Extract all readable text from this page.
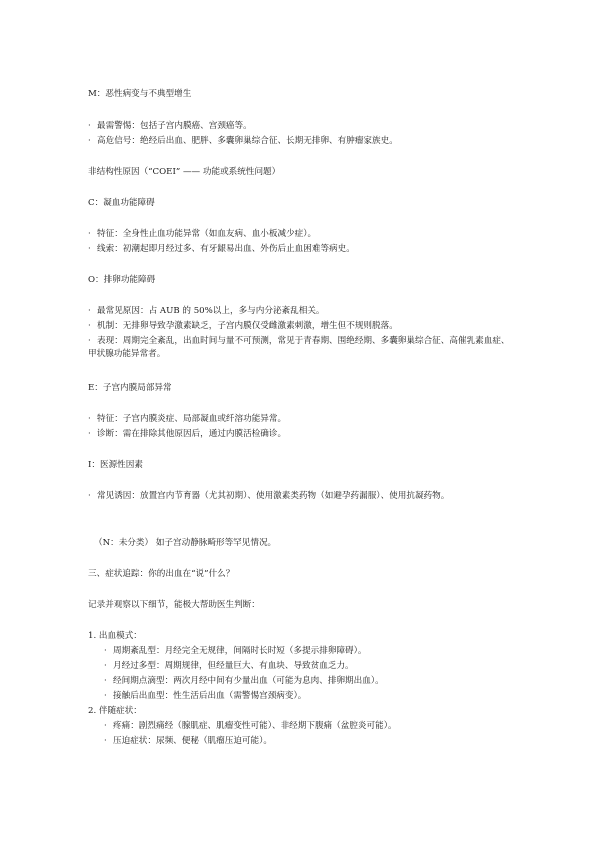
M：恶性病变与不典型增生
· 最需警惕：包括子宫内膜癌、宫颈癌等。
· 高危信号：绝经后出血、肥胖、多囊卵巢综合征、长期无排卵、有肿瘤家族史。
非结构性原因（“COEI” —— 功能或系统性问题）
C：凝血功能障碍
· 特征：全身性止血功能异常（如血友病、血小板减少症）。
· 线索：初潮起即月经过多、有牙龈易出血、外伤后止血困难等病史。
O：排卵功能障碍
· 最常见原因：占 AUB 的 50%以上，多与内分泌紊乱相关。
· 机制：无排卵导致孕激素缺乏，子宫内膜仅受雌激素刺激，增生但不规则脱落。
· 表现：周期完全紊乱，出血时间与量不可预测，常见于青春期、围绝经期、多囊卵巢综合征、高催乳素血症、甲状腺功能异常者。
E：子宫内膜局部异常
· 特征：子宫内膜炎症、局部凝血或纤溶功能异常。
· 诊断：需在排除其他原因后，通过内膜活检确诊。
I：医源性因素
· 常见诱因：放置宫内节育器（尤其初期）、使用激素类药物（如避孕药漏服）、使用抗凝药物。
（N：未分类） 如子宫动静脉畸形等罕见情况。
三、症状追踪：你的出血在“说”什么？
记录并观察以下细节，能极大帮助医生判断：
1. 出血模式：
· 周期紊乱型：月经完全无规律，间隔时长时短（多提示排卵障碍）。
· 月经过多型：周期规律，但经量巨大、有血块、导致贫血乏力。
· 经间期点滴型：两次月经中间有少量出血（可能为息肉、排卵期出血）。
· 接触后出血型：性生活后出血（需警惕宫颈病变）。
2. 伴随症状：
· 疼痛：剧烈痛经（腺肌症、肌瘤变性可能）、非经期下腹痛（盆腔炎可能）。
· 压迫症状：尿频、便秘（肌瘤压迫可能）。
